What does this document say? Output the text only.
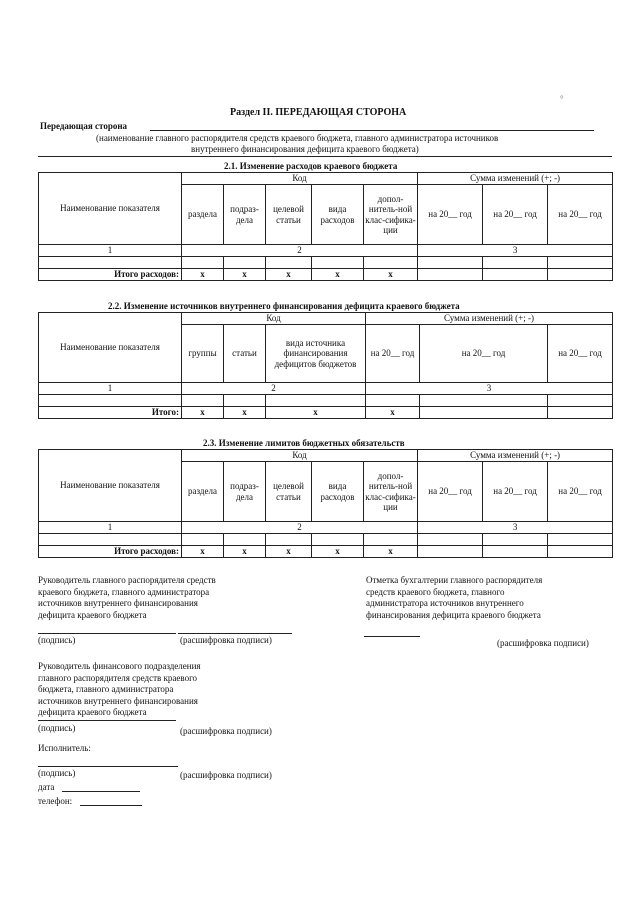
°
Раздел II. ПЕРЕДАЮЩАЯ СТОРОНА
Передающая сторона
(наименование главного распорядителя средств краевого бюджета, главного администратора источников
внутреннего финансирования дефицита краевого бюджета)
2.1. Изменение расходов краевого бюджета
Наименование показателя	Код					Сумма изменений (+; -)		
	раздела	подраз-дела	целевой статьи	вида расходов	допол-нитель-ной клас-сифика-ции	на 20__ год	на 20__ год	на 20__ год
1	2					3		

Итого расходов:	x	x	x	x	x			
2.2. Изменение источников внутреннего финансирования дефицита краевого бюджета
Наименование показателя	Код			Сумма изменений (+; -)		
	группы	статьи	вида источника финансирования дефицитов бюджетов	на 20__ год	на 20__ год	на 20__ год
1	2			3		

Итого:	x	x	x	x		
2.3. Изменение лимитов бюджетных обязательств
Наименование показателя	Код					Сумма изменений (+; -)		
	раздела	подраз-дела	целевой статьи	вида расходов	допол-нитель-ной клас-сифика-ции	на 20__ год	на 20__ год	на 20__ год
1	2					3		

Итого расходов:	x	x	x	x	x			
Руководитель главного распорядителя средств
краевого бюджета, главного администратора
источников внутреннего финансирования
дефицита краевого бюджета
(подпись)	(расшифровка подписи)
Отметка бухгалтерии главного распорядителя
средств краевого бюджета, главного
администратора источников внутреннего
финансирования дефицита краевого бюджета
(расшифровка подписи)
Руководитель финансового подразделения
главного распорядителя средств краевого
бюджета, главного администратора
источников внутреннего финансирования
дефицита краевого бюджета
(подпись)	(расшифровка подписи)
Исполнитель:
(подпись)	(расшифровка подписи)
дата
телефон:
